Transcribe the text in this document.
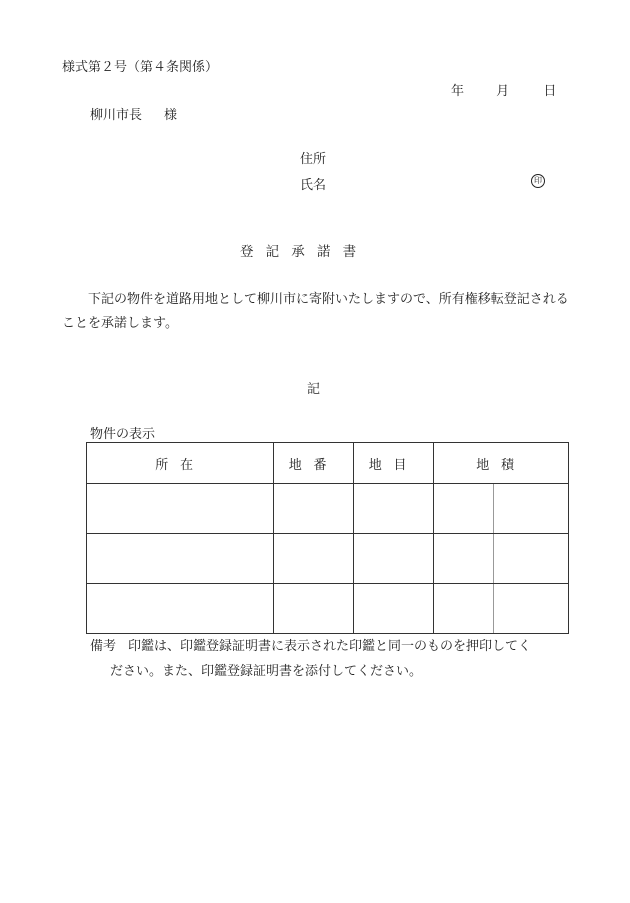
様式第２号（第４条関係）
年 月	日
柳川市長 様
住所
氏名	印
登記承諾書
下記の物件を道路用地として柳川市に寄附いたしますので、所有権移転登記されることを承諾します。
記
物件の表示
所在	地番	地目	地積	

備考 印鑑は、印鑑登録証明書に表示された印鑑と同一のものを押印してく
ださい。また、印鑑登録証明書を添付してください。
